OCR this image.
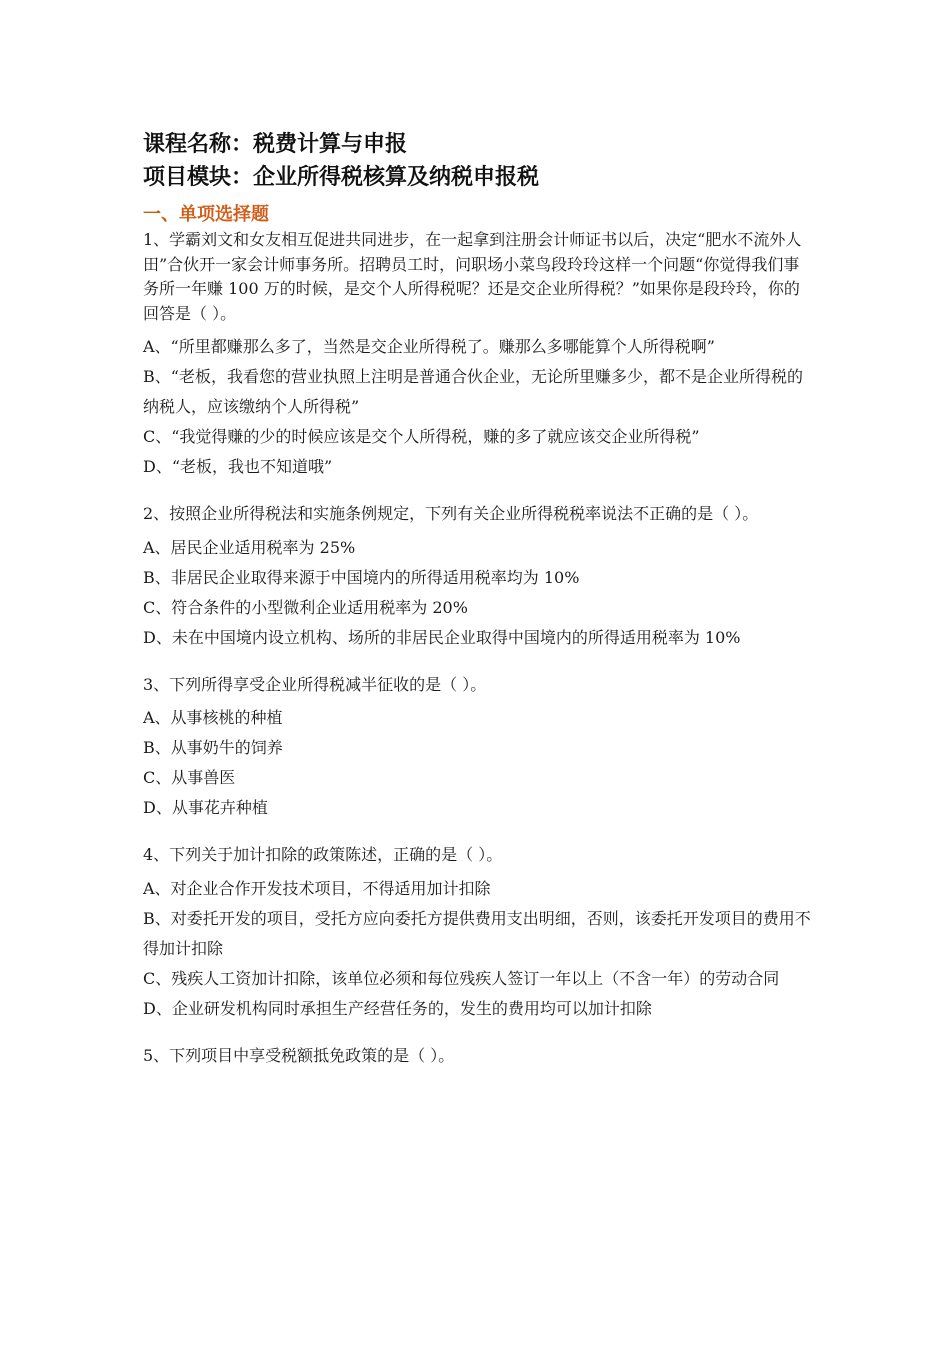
课程名称：税费计算与申报
项目模块：企业所得税核算及纳税申报税
一、单项选择题
1、学霸刘文和女友相互促进共同进步，在一起拿到注册会计师证书以后，决定“肥水不流外人田”合伙开一家会计师事务所。招聘员工时，问职场小菜鸟段玲玲这样一个问题“你觉得我们事务所一年赚 100 万的时候，是交个人所得税呢？还是交企业所得税？”如果你是段玲玲，你的回答是（ ）。
A、“所里都赚那么多了，当然是交企业所得税了。赚那么多哪能算个人所得税啊”
B、“老板，我看您的营业执照上注明是普通合伙企业，无论所里赚多少，都不是企业所得税的纳税人，应该缴纳个人所得税”
C、“我觉得赚的少的时候应该是交个人所得税，赚的多了就应该交企业所得税”
D、“老板，我也不知道哦”
2、按照企业所得税法和实施条例规定，下列有关企业所得税税率说法不正确的是（ ）。
A、居民企业适用税率为 25%
B、非居民企业取得来源于中国境内的所得适用税率均为 10%
C、符合条件的小型微利企业适用税率为 20%
D、未在中国境内设立机构、场所的非居民企业取得中国境内的所得适用税率为 10%
3、下列所得享受企业所得税减半征收的是（ ）。
A、从事核桃的种植
B、从事奶牛的饲养
C、从事兽医
D、从事花卉种植
4、下列关于加计扣除的政策陈述，正确的是（ ）。
A、对企业合作开发技术项目，不得适用加计扣除
B、对委托开发的项目，受托方应向委托方提供费用支出明细，否则，该委托开发项目的费用不得加计扣除
C、残疾人工资加计扣除，该单位必须和每位残疾人签订一年以上（不含一年）的劳动合同
D、企业研发机构同时承担生产经营任务的，发生的费用均可以加计扣除
5、下列项目中享受税额抵免政策的是（ ）。
